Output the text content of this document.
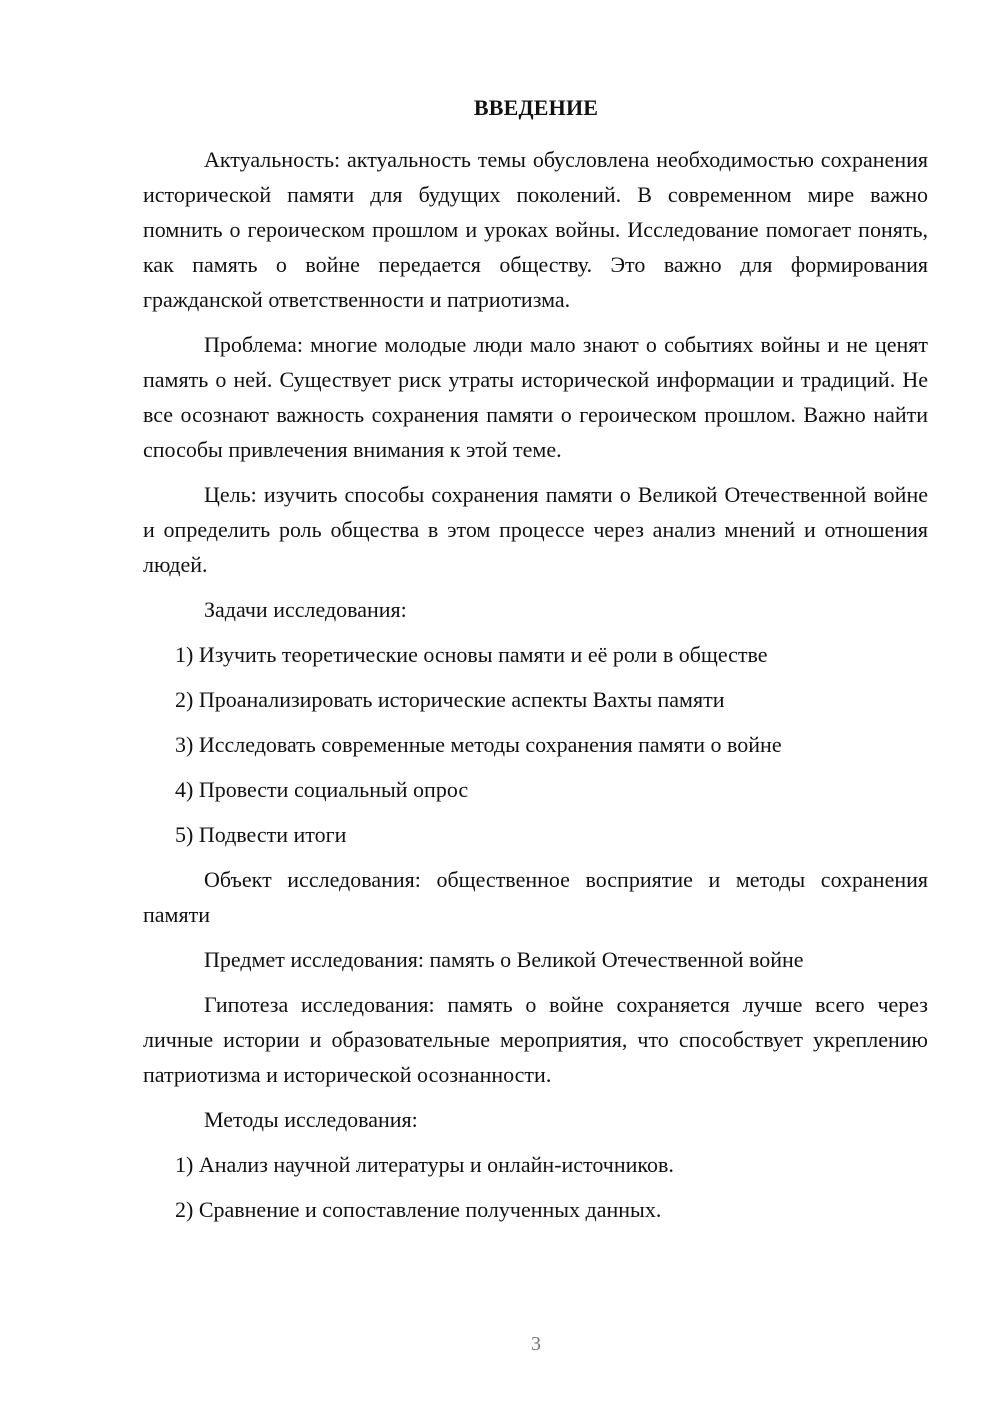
ВВЕДЕНИЕ

Актуальность: актуальность темы обусловлена необходимостью сохранения исторической памяти для будущих поколений. В современном мире важно помнить о героическом прошлом и уроках войны. Исследование помогает понять, как память о войне передается обществу. Это важно для формирования гражданской ответственности и патриотизма.

Проблема: многие молодые люди мало знают о событиях войны и не ценят память о ней. Существует риск утраты исторической информации и традиций. Не все осознают важность сохранения памяти о героическом прошлом. Важно найти способы привлечения внимания к этой теме.

Цель: изучить способы сохранения памяти о Великой Отечественной войне и определить роль общества в этом процессе через анализ мнений и отношения людей.

Задачи исследования:

1) Изучить теоретические основы памяти и её роли в обществе

2) Проанализировать исторические аспекты Вахты памяти

3) Исследовать современные методы сохранения памяти о войне

4) Провести социальный опрос

5) Подвести итоги

Объект исследования: общественное восприятие и методы сохранения памяти

Предмет исследования: память о Великой Отечественной войне

Гипотеза исследования: память о войне сохраняется лучше всего через личные истории и образовательные мероприятия, что способствует укреплению патриотизма и исторической осознанности.

Методы исследования:

1) Анализ научной литературы и онлайн-источников.

2) Сравнение и сопоставление полученных данных.

3
